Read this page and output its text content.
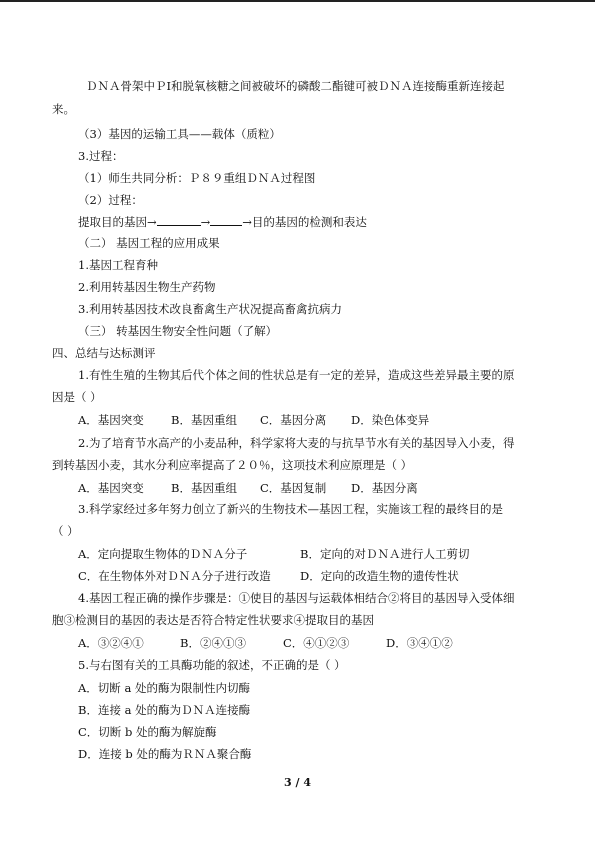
ＤＮＡ骨架中ＰⅠ和脱氧核糖之间被破坏的磷酸二酯键可被ＤＮＡ连接酶重新连接起
来。
（3）基因的运输工具——载体（质粒）
3.过程：
（1）师生共同分析：Ｐ８９重组ＤＮＡ过程图
（2）过程：
提取目的基因→	→	→目的基因的检测和表达
（二） 基因工程的应用成果
1.基因工程育种
2.利用转基因生物生产药物
3.利用转基因技术改良畜禽生产状况提高畜禽抗病力
（三） 转基因生物安全性问题（了解）
四、总结与达标测评
1.有性生殖的生物其后代个体之间的性状总是有一定的差异，造成这些差异最主要的原
因是（ ）
A．基因突变 B．基因重组 C．基因分离 D．染色体变异
2.为了培育节水高产的小麦品种，科学家将大麦的与抗旱节水有关的基因导入小麦，得
到转基因小麦，其水分利应率提高了２０％，这项技术利应原理是（ ）
A．基因突变 B．基因重组 C．基因复制 D．基因分离
3.科学家经过多年努力创立了新兴的生物技术—基因工程，实施该工程的最终目的是
（ ）
A．定向提取生物体的ＤＮＡ分子	B．定向的对ＤＮＡ进行人工剪切
C．在生物体外对ＤＮＡ分子进行改造	D．定向的改造生物的遗传性状
4.基因工程正确的操作步骤是：①使目的基因与运载体相结合②将目的基因导入受体细
胞③检测目的基因的表达是否符合特定性状要求④提取目的基因
A．③②④①	B．②④①③	C．④①②③	D．③④①②
5.与右图有关的工具酶功能的叙述，不正确的是（ ）
A．切断 a 处的酶为限制性内切酶
B．连接 a 处的酶为ＤＮＡ连接酶
C．切断 b 处的酶为解旋酶
D．连接 b 处的酶为ＲＮＡ聚合酶
3 / 4
